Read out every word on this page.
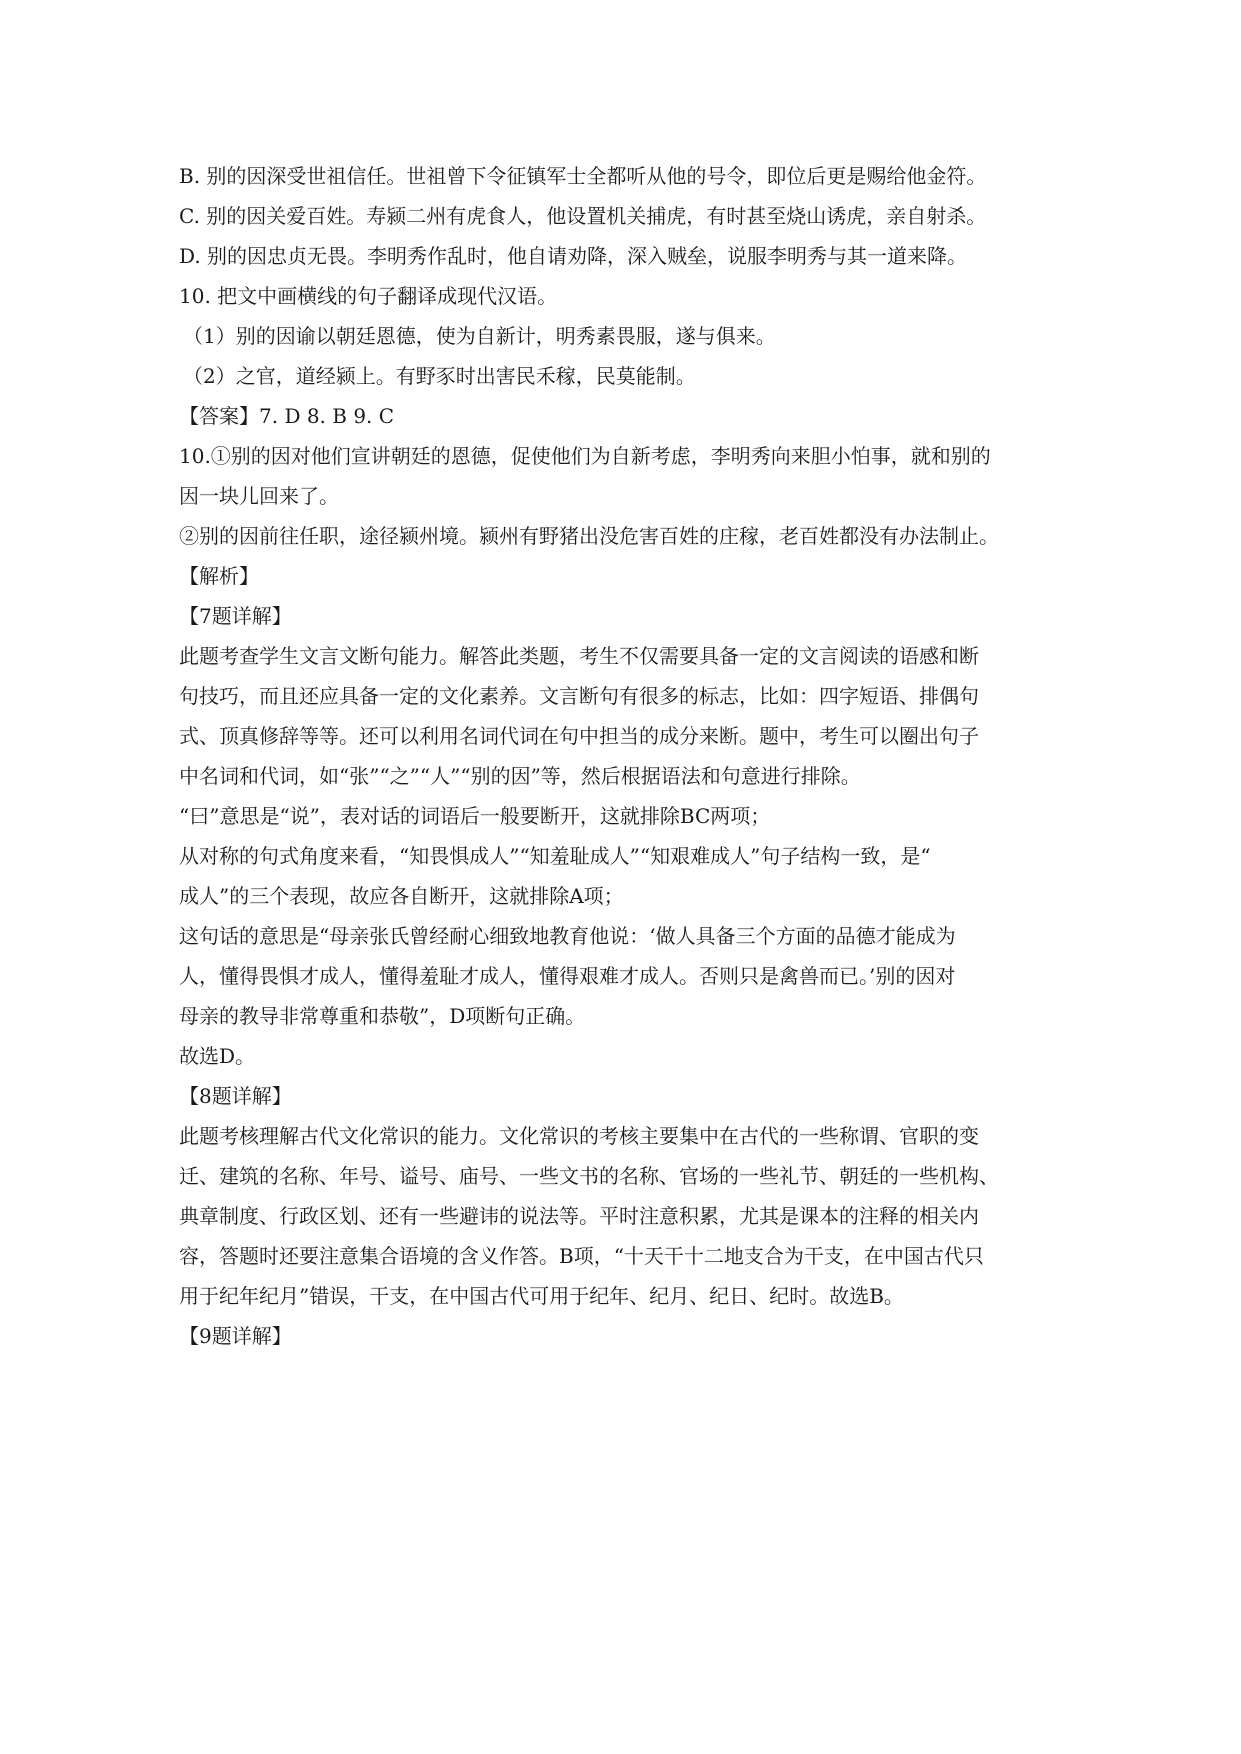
B. 别的因深受世祖信任。世祖曾下令征镇军士全都听从他的号令，即位后更是赐给他金符。

C. 别的因关爱百姓。寿颍二州有虎食人，他设置机关捕虎，有时甚至烧山诱虎，亲自射杀。

D. 别的因忠贞无畏。李明秀作乱时，他自请劝降，深入贼垒，说服李明秀与其一道来降。

10. 把文中画横线的句子翻译成现代汉语。

（1）别的因谕以朝廷恩德，使为自新计，明秀素畏服，遂与俱来。

（2）之官，道经颍上。有野豕时出害民禾稼，民莫能制。

【答案】7. D 8. B 9. C

10.①别的因对他们宣讲朝廷的恩德，促使他们为自新考虑，李明秀向来胆小怕事，就和别的

因一块儿回来了。

②别的因前往任职，途径颍州境。颍州有野猪出没危害百姓的庄稼，老百姓都没有办法制止。

【解析】

【7题详解】

此题考查学生文言文断句能力。解答此类题，考生不仅需要具备一定的文言阅读的语感和断

句技巧，而且还应具备一定的文化素养。文言断句有很多的标志，比如：四字短语、排偶句

式、顶真修辞等等。还可以利用名词代词在句中担当的成分来断。题中，考生可以圈出句子

中名词和代词，如“张”“之”“人”“别的因”等，然后根据语法和句意进行排除。

“曰”意思是“说”，表对话的词语后一般要断开，这就排除BC两项；

从对称的句式角度来看，“知畏惧成人”“知羞耻成人”“知艰难成人”句子结构一致，是“

成人”的三个表现，故应各自断开，这就排除A项；

这句话的意思是“母亲张氏曾经耐心细致地教育他说：‘做人具备三个方面的品德才能成为

人，懂得畏惧才成人，懂得羞耻才成人，懂得艰难才成人。否则只是禽兽而已。’别的因对

母亲的教导非常尊重和恭敬”，D项断句正确。

故选D。

【8题详解】

此题考核理解古代文化常识的能力。文化常识的考核主要集中在古代的一些称谓、官职的变

迁、建筑的名称、年号、谥号、庙号、一些文书的名称、官场的一些礼节、朝廷的一些机构、

典章制度、行政区划、还有一些避讳的说法等。平时注意积累，尤其是课本的注释的相关内

容，答题时还要注意集合语境的含义作答。B项，“十天干十二地支合为干支，在中国古代只

用于纪年纪月”错误，干支，在中国古代可用于纪年、纪月、纪日、纪时。故选B。

【9题详解】
